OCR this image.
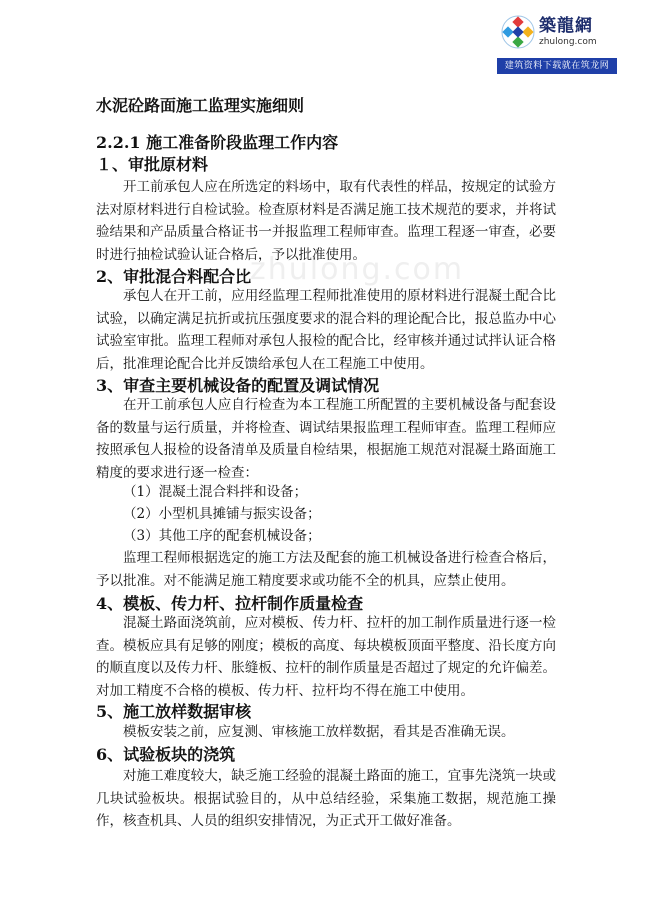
築龍網
zhulong.com
建筑资料下载就在筑龙网
zhulong.com
水泥砼路面施工监理实施细则
2.2.1 施工准备阶段监理工作内容
１、审批原材料

开工前承包人应在所选定的料场中，取有代表性的样品，按规定的试验方法对原材料进行自检试验。检查原材料是否满足施工技术规范的要求，并将试验结果和产品质量合格证书一并报监理工程师审查。监理工程逐一审查，必要时进行抽检试验认证合格后，予以批准使用。

2、审批混合料配合比

承包人在开工前，应用经监理工程师批准使用的原材料进行混凝土配合比试验，以确定满足抗折或抗压强度要求的混合料的理论配合比，报总监办中心试验室审批。监理工程师对承包人报检的配合比，经审核并通过试拌认证合格后，批准理论配合比并反馈给承包人在工程施工中使用。

3、审查主要机械设备的配置及调试情况

在开工前承包人应自行检查为本工程施工所配置的主要机械设备与配套设备的数量与运行质量，并将检查、调试结果报监理工程师审查。监理工程师应按照承包人报检的设备清单及质量自检结果，根据施工规范对混凝土路面施工精度的要求进行逐一检查：

（1）混凝土混合料拌和设备；
（2）小型机具摊铺与振实设备；
（3）其他工序的配套机械设备；

监理工程师根据选定的施工方法及配套的施工机械设备进行检查合格后，予以批准。对不能满足施工精度要求或功能不全的机具，应禁止使用。

4、模板、传力杆、拉杆制作质量检查

混凝土路面浇筑前，应对模板、传力杆、拉杆的加工制作质量进行逐一检查。模板应具有足够的刚度；模板的高度、每块模板顶面平整度、沿长度方向的顺直度以及传力杆、胀缝板、拉杆的制作质量是否超过了规定的允许偏差。对加工精度不合格的模板、传力杆、拉杆均不得在施工中使用。

5、施工放样数据审核

模板安装之前，应复测、审核施工放样数据，看其是否准确无误。

6、试验板块的浇筑

对施工难度较大，缺乏施工经验的混凝土路面的施工，宜事先浇筑一块或几块试验板块。根据试验目的，从中总结经验，采集施工数据，规范施工操作，核查机具、人员的组织安排情况，为正式开工做好准备。
